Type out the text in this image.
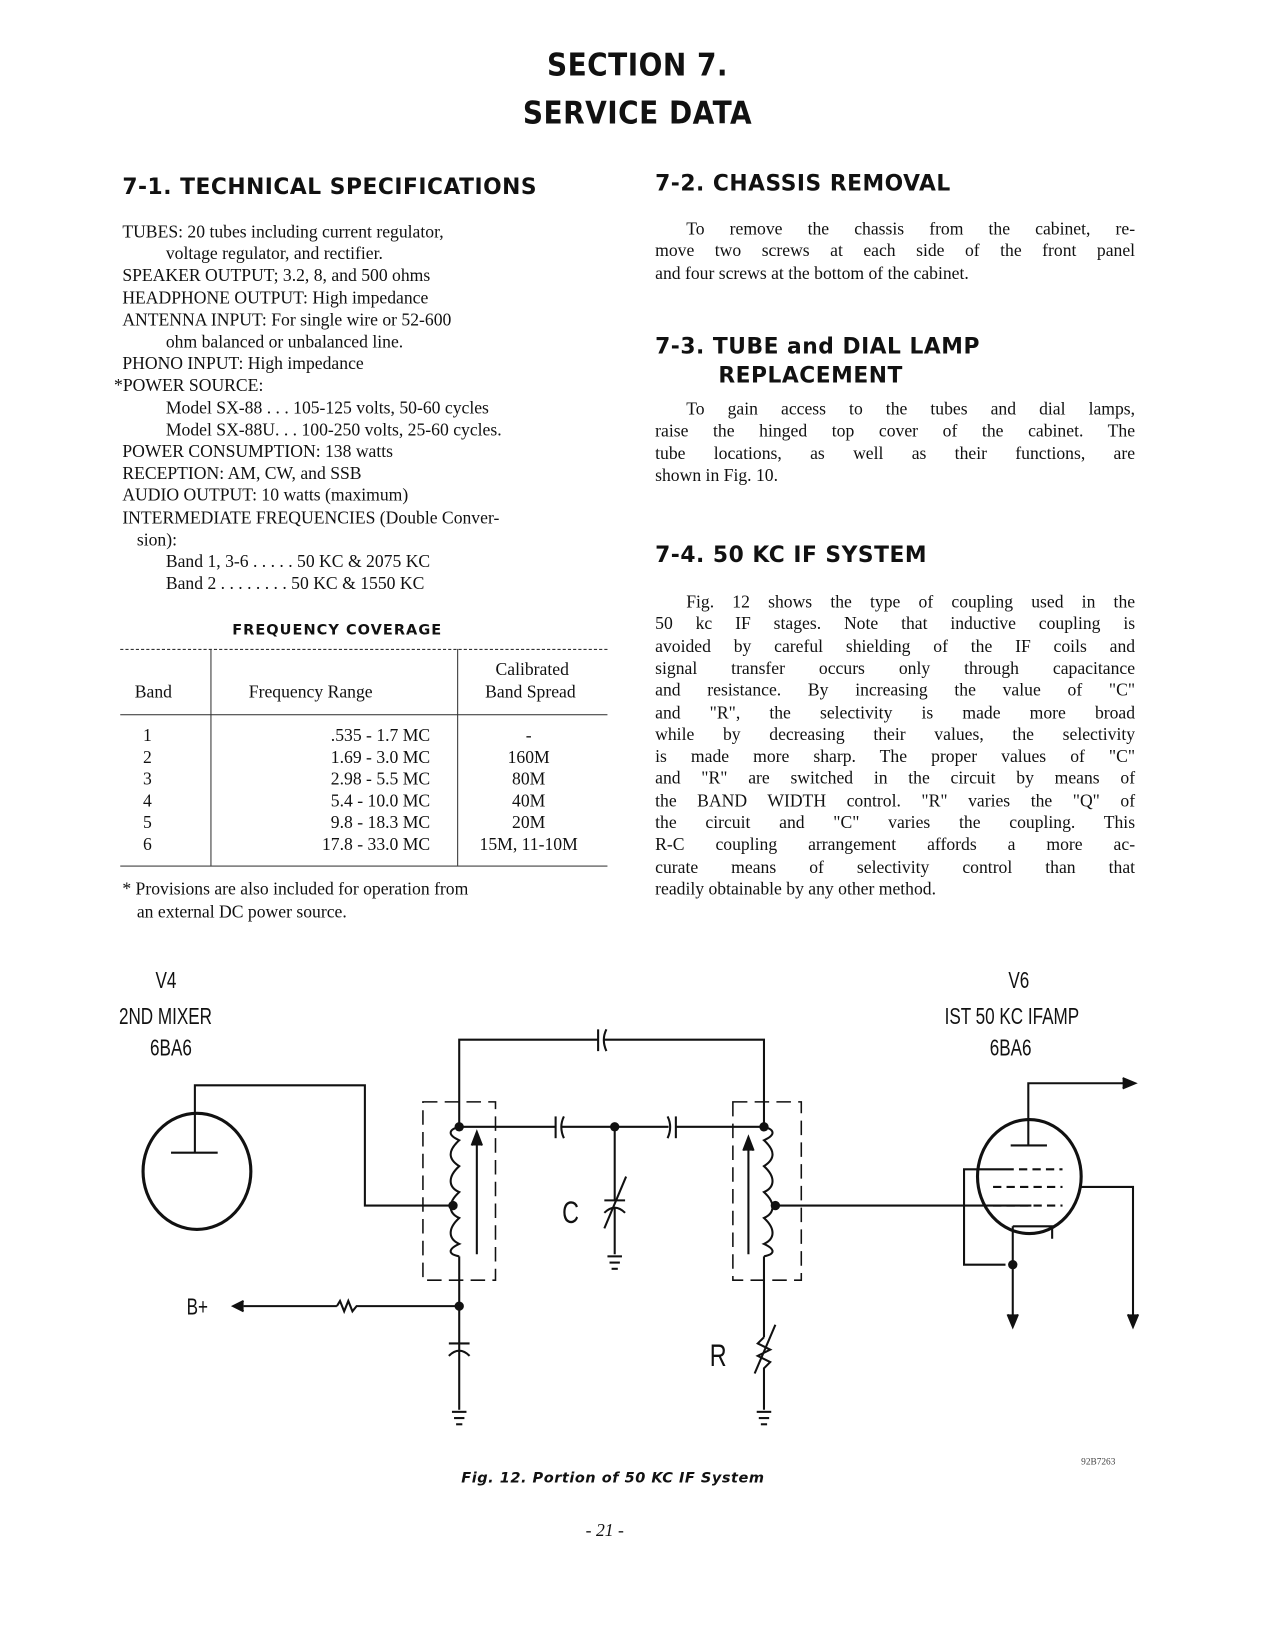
SECTION 7.
SERVICE DATA
7-1. TECHNICAL SPECIFICATIONS
TUBES: 20 tubes including current regulator,
voltage regulator, and rectifier.
SPEAKER OUTPUT; 3.2, 8, and 500 ohms
HEADPHONE OUTPUT: High impedance
ANTENNA INPUT: For single wire or 52-600
ohm balanced or unbalanced line.
PHONO INPUT: High impedance
*POWER SOURCE:
Model SX-88 . . . 105-125 volts, 50-60 cycles
Model SX-88U. . . 100-250 volts, 25-60 cycles.
POWER CONSUMPTION: 138 watts
RECEPTION: AM, CW, and SSB
AUDIO OUTPUT: 10 watts (maximum)
INTERMEDIATE FREQUENCIES (Double Conver-
sion):
Band 1, 3-6 . . . . . 50 KC & 2075 KC
Band 2 . . . . . . . . 50 KC & 1550 KC
FREQUENCY COVERAGE
Band	Frequency Range
Calibrated
Band Spread
1	.535 - 1.7 MC	-
2	1.69 - 3.0 MC	160M
3	2.98 - 5.5 MC	80M
4	5.4 - 10.0 MC	40M
5	9.8 - 18.3 MC	20M
6	17.8 - 33.0 MC	15M, 11-10M
* Provisions are also included for operation from
an external DC power source.
7-2. CHASSIS REMOVAL
7-3. TUBE and DIAL LAMP
REPLACEMENT
7-4. 50 KC IF SYSTEM
To remove the chassis from the cabinet, re-
move two screws at each side of the front panel
and four screws at the bottom of the cabinet.
To gain access to the tubes and dial lamps,
raise the hinged top cover of the cabinet. The
tube locations, as well as their functions, are
shown in Fig. 10.
Fig. 12 shows the type of coupling used in the
50 kc IF stages. Note that inductive coupling is
avoided by careful shielding of the IF coils and
signal transfer occurs only through capacitance
and resistance. By increasing the value of "C"
and "R", the selectivity is made more broad
while by decreasing their values, the selectivity
is made more sharp. The proper values of "C"
and "R" are switched in the circuit by means of
the BAND WIDTH control. "R" varies the "Q" of
the circuit and "C" varies the coupling. This
R-C coupling arrangement affords a more ac-
curate means of selectivity control than that
readily obtainable by any other method.
V4
2ND MIXER
6BA6
V6
IST 50 KC IFAMP
6BA6
C
R
B+
Fig. 12. Portion of 50 KC IF System
92B7263
- 21 -
